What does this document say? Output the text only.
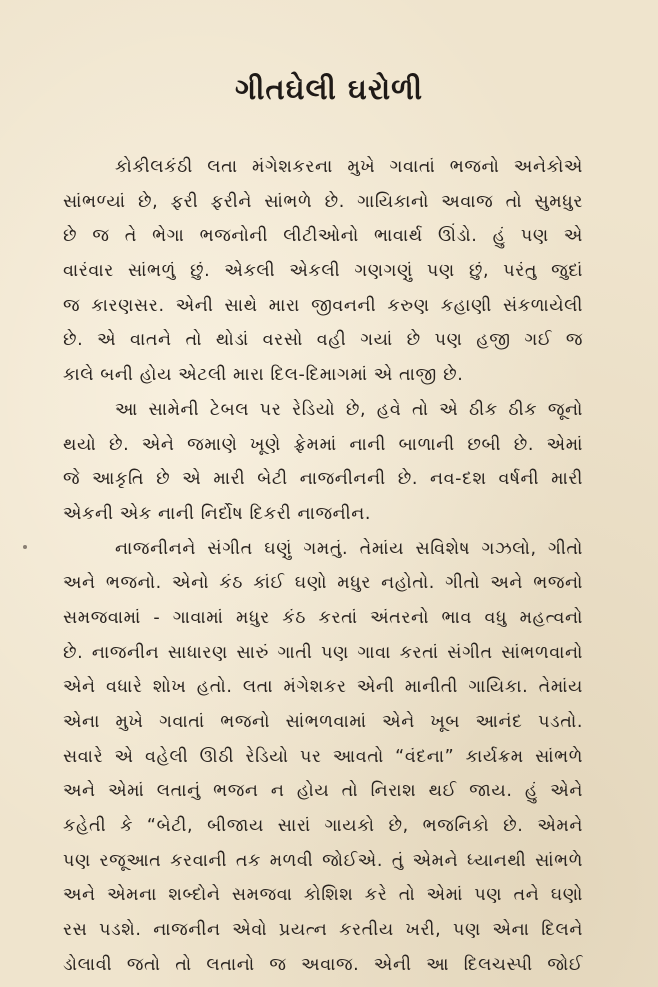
ગીતઘેલી ઘરોળી
કોકીલકંઠી લતા મંગેશકરના મુખે ગવાતાં ભજનો અનેકોએ
સાંભળ્યાં છે, ફરી ફરીને સાંભળે છે. ગાયિકાનો અવાજ તો સુમધુર
છે જ તે ભેગા ભજનોની લીટીઓનો ભાવાર્થ ઊંડો. હું પણ એ
વારંવાર સાંભળું છું. એકલી એકલી ગણગણું પણ છું, પરંતુ જુદાં
જ કારણસર. એની સાથે મારા જીવનની કરુણ કહાણી સંકળાયેલી
છે. એ વાતને તો થોડાં વરસો વહી ગયાં છે પણ હજી ગઈ જ
કાલે બની હોય એટલી મારા દિલ-દિમાગમાં એ તાજી છે.
આ સામેની ટેબલ પર રેડિયો છે, હવે તો એ ઠીક ઠીક જૂનો
થયો છે. એને જમાણે ખૂણે ફ્રેમમાં નાની બાળાની છબી છે. એમાં
જે આકૃતિ છે એ મારી બેટી નાજનીનની છે. નવ-દશ વર્ષની મારી
એકની એક નાની નિર્દોષ દિકરી નાજનીન.
નાજનીનને સંગીત ઘણું ગમતું. તેમાંય સવિશેષ ગઝલો, ગીતો
અને ભજનો. એનો કંઠ કાંઈ ઘણો મધુર નહોતો. ગીતો અને ભજનો
સમજવામાં - ગાવામાં મધુર કંઠ કરતાં અંતરનો ભાવ વધુ મહત્વનો
છે. નાજનીન સાધારણ સારું ગાતી પણ ગાવા કરતાં સંગીત સાંભળવાનો
એને વધારે શોખ હતો. લતા મંગેશકર એની માનીતી ગાયિકા. તેમાંય
એના મુખે ગવાતાં ભજનો સાંભળવામાં એને ખૂબ આનંદ પડતો.
સવારે એ વહેલી ઊઠી રેડિયો પર આવતો “વંદના” કાર્યક્રમ સાંભળે
અને એમાં લતાનું ભજન ન હોય તો નિરાશ થઈ જાય. હું એને
કહેતી કે “બેટી, બીજાય સારાં ગાયકો છે, ભજનિકો છે. એમને
પણ રજૂઆત કરવાની તક મળવી જોઈએ. તું એમને ધ્યાનથી સાંભળે
અને એમના શબ્દોને સમજવા કોશિશ કરે તો એમાં પણ તને ઘણો
રસ પડશે. નાજનીન એવો પ્રયત્ન કરતીય ખરી, પણ એના દિલને
ડોલાવી જતો તો લતાનો જ અવાજ. એની આ દિલચસ્પી જોઈ
